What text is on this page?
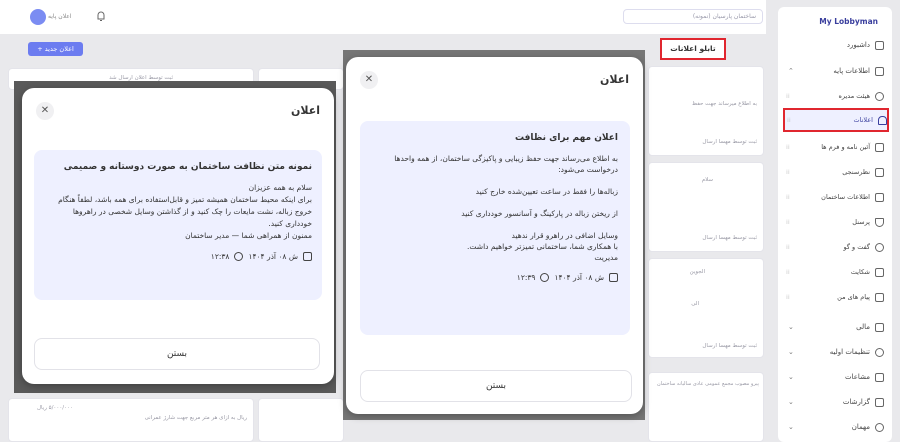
اعلان پایه	ساختمان پارسیان (نمونه)
+ اعلان جدید	تابلو اعلانات
ثبت توسط اعلان ارسال شد
به اطلاع میرساند جهت حفظ
ثبت توسط مهسا ارسال
سلام
ثبت توسط مهسا ارسال
الجوین
الی
ثبت توسط مهسا ارسال
پیرو مصوب مجمع عمومی عادی سالیانه ساختمان
ریال به ازای هر متر مربع جهت شارژ عمرانی
۵/۰۰۰/۰۰۰ ریال
My Lobbyman
داشبورد
اطلاعات پایه
⌃
هیئت مدیره
⁞⁞
اعلانات
⁞⁞
آئین نامه و فرم ها
⁞⁞
نظرسنجی
⁞⁞
اطلاعات ساختمان
⁞⁞
پرسنل
⁞⁞
گفت و گو
⁞⁞
شکایت
⁞⁞
پیام های من
⁞⁞
مالی
⌄
تنظیمات اولیه
⌄
مشاعات
⌄
گزارشات
⌄
مهمان
⌄
اعلان
✕
نمونه متن نظافت ساختمان به صورت دوستانه و صمیمی
سلام به همه عزیزان
برای اینکه محیط ساختمان همیشه تمیز و قابل‌استفاده برای همه باشد، لطفاً هنگام خروج زباله، نشت مایعات را چک کنید و از گذاشتن وسایل شخصی در راهروها خودداری کنید.
ممنون از همراهی شما — مدیر ساختمان
ش ۰۸ آذر ۱۴۰۴
۱۲:۳۸
بستن
اعلان
✕
اعلان مهم برای نظافت
به اطلاع می‌رساند جهت حفظ زیبایی و پاکیزگی ساختمان، از همه واحدها درخواست می‌شود:

زباله‌ها را فقط در ساعت تعیین‌شده خارج کنید

از ریختن زباله در پارکینگ و آسانسور خودداری کنید

وسایل اضافی در راهرو قرار ندهید
با همکاری شما، ساختمانی تمیزتر خواهیم داشت.
مدیریت
ش ۰۸ آذر ۱۴۰۴
۱۲:۳۹
بستن
